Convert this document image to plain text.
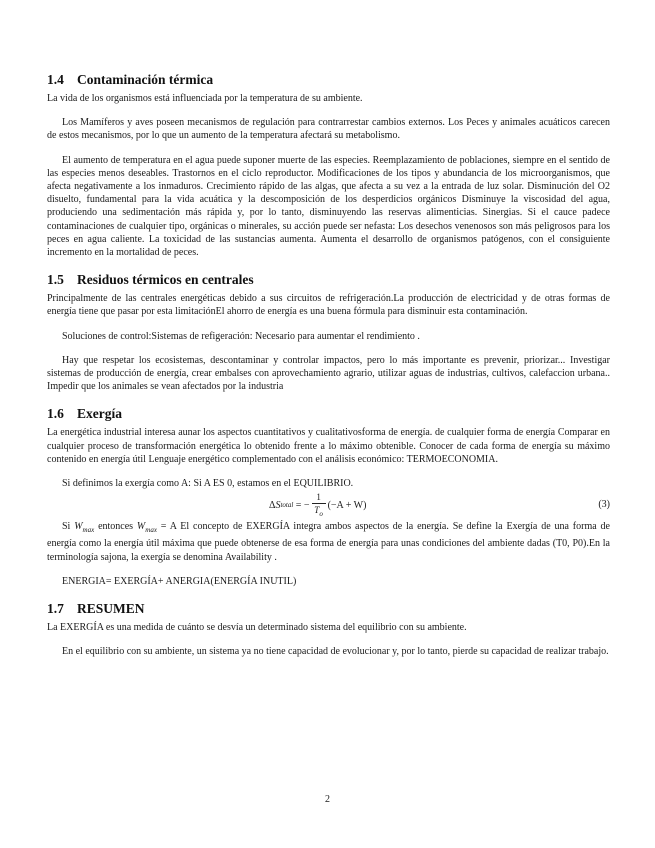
1.4 Contaminación térmica

La vida de los organismos está influenciada por la temperatura de su ambiente.

Los Mamíferos y aves poseen mecanismos de regulación para contrarrestar cambios externos. Los Peces y animales acuáticos carecen de estos mecanismos, por lo que un aumento de la temperatura afectará su metabolismo.

El aumento de temperatura en el agua puede suponer muerte de las especies. Reemplazamiento de poblaciones, siempre en el sentido de las especies menos deseables. Trastornos en el ciclo reproductor. Modificaciones de los tipos y abundancia de los microorganismos, que afecta negativamente a los inmaduros. Crecimiento rápido de las algas, que afecta a su vez a la entrada de luz solar. Disminución del O2 disuelto, fundamental para la vida acuática y la descomposición de los desperdicios orgánicos Disminuye la viscosidad del agua, produciendo una sedimentación más rápida y, por lo tanto, disminuyendo las reservas alimenticias. Sinergias. Si el cauce padece contaminaciones de cualquier tipo, orgánicas o minerales, su acción puede ser nefasta: Los desechos venenosos son más peligrosos para los peces en agua caliente. La toxicidad de las sustancias aumenta. Aumenta el desarrollo de organismos patógenos, con el consiguiente incremento en la mortalidad de peces.

1.5 Residuos térmicos en centrales

Principalmente de las centrales energéticas debido a sus circuitos de refrigeración.La producción de electricidad y de otras formas de energía tiene que pasar por esta limitaciónEl ahorro de energía es una buena fórmula para disminuir esta contaminación.

Soluciones de control:Sistemas de refigeración: Necesario para aumentar el rendimiento .

Hay que respetar los ecosistemas, descontaminar y controlar impactos, pero lo más importante es prevenir, priorizar... Investigar sistemas de producción de energía, crear embalses con aprovechamiento agrario, utilizar aguas de industrias, cultivos, calefaccion urbana.. Impedir que los animales se vean afectados por la industria

1.6 Exergía

La energética industrial interesa aunar los aspectos cuantitativos y cualitativosforma de energía. de cualquier forma de energía Comparar en cualquier proceso de transformación energética lo obtenido frente a lo máximo obtenible. Conocer de cada forma de energía su máximo contenido en energía útil Lenguaje energético complementado con el análisis económico: TERMOECONOMIA.

Si definimos la exergía como A: Si A ES 0, estamos en el EQUILIBRIO.

Δ S total = − $\frac{1}{T_o} (-A + W)$	(3)

Si $W_{max}$ entonces $W_{max} = A$ El concepto de EXERGÍA integra ambos aspectos de la energía. Se define la Exergía de una forma de energía como la energía útil máxima que puede obtenerse de esa forma de energía para unas condiciones del ambiente dadas (T0, P0).En la terminología sajona, la exergía se denomina Availability .

ENERGIA= EXERGÍA+ ANERGIA(ENERGÍA INUTIL)

1.7 RESUMEN

La EXERGÍA es una medida de cuánto se desvía un determinado sistema del equilibrio con su ambiente.

En el equilibrio con su ambiente, un sistema ya no tiene capacidad de evolucionar y, por lo tanto, pierde su capacidad de realizar trabajo.

2
